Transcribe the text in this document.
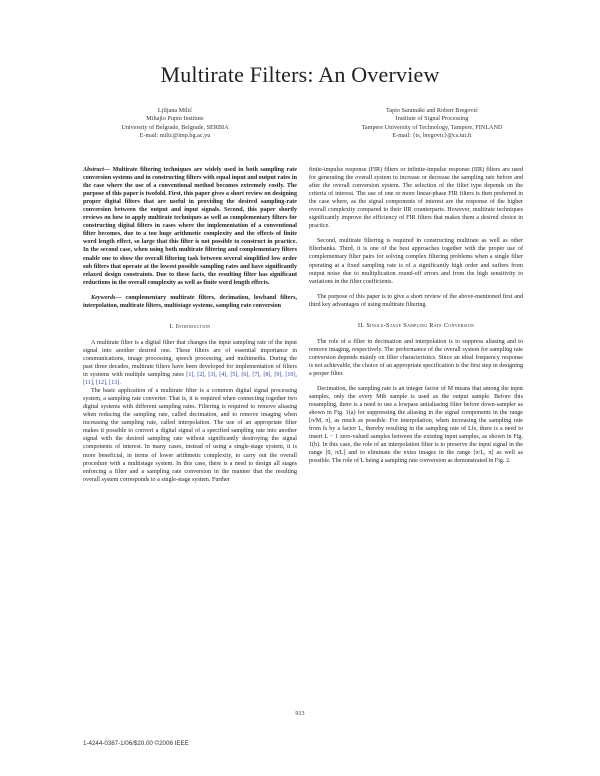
Multirate Filters: An Overview
Ljiljana Milić
Mihajlo Pupin Institute
University of Belgrade, Belgrade, SERBIA
E-mail: milic@imp.bg.ac.yu
Tapio Saramäki and Robert Bregović
Institute of Signal Processing
Tampere University of Technology, Tampere, FINLAND
E-mail: {ts, bregovic}@cs.tut.fi

Abstract— Multirate filtering techniques are widely used in both sampling rate conversion systems and in constructing filters with equal input and output rates in the case where the use of a conventional method becomes extremely costly. The purpose of this paper is twofold. First, this paper gives a short review on designing proper digital filters that are useful in providing the desired sampling-rate conversion between the output and input signals. Second, this paper shortly reviews on how to apply multirate techniques as well as complementary filters for constructing digital filters in cases where the implementation of a conventional filter becomes, due to a too huge arithmetic complexity and the effects of finite word length effect, so large that this filter is not possible to construct in practice. In the second case, when using both multirate filtering and complementary filters enable one to show the overall filtering task between several simplified low order sub filters that operate at the lowest possible sampling rates and have significantly relaxed design constraints. Due to these facts, the resulting filter has significant reductions in the overall complexity as well as finite word length effects.

Keywords— complementary multirate filters, decimation, lowband filters, interpolation, multirate filters, multistage systems, sampling rate conversion

I. Introduction

A multirate filter is a digital filter that changes the input sampling rate of the input signal into another desired one. These filters are of essential importance in communications, image processing, speech processing, and multimedia. During the past three decades, multirate filters have been developed for implementation of filters in systems with multiple sampling rates [1], [2], [3], [4], [5], [6], [7], [8], [9], [10], [11], [12], [13].

The basic application of a multirate filter is a common digital signal processing system, a sampling rate converter. That is, it is required when connecting together two digital systems with different sampling rates. Filtering is required to remove aliasing when reducing the sampling rate, called decimation, and to remove imaging when increasing the sampling rate, called interpolation. The use of an appropriate filter makes it possible to convert a digital signal of a specified sampling rate into another signal with the desired sampling rate without significantly destroying the signal components of interest. In many cases, instead of using a single-stage system, it is more beneficial, in terms of lower arithmetic complexity, to carry out the overall procedure with a multistage system. In this case, there is a need to design all stages enforcing a filter and a sampling rate conversion in the manner that the resulting overall system corresponds to a single-stage system. Further

finite-impulse response (FIR) filters or infinite-impulse response (IIR) filters are used for generating the overall system to increase or decrease the sampling rate before and after the overall conversion system. The selection of the filter type depends on the criteria of interest. The use of one or more linear-phase FIR filters is then preferred in the case where, as the signal components of interest are the response of the higher overall complexity compared to their IIR counterparts. However, multirate techniques significantly improve the efficiency of FIR filters that makes them a desired choice in practice.

Second, multirate filtering is required in constructing multirate as well as other filterbanks. Third, it is one of the best approaches together with the proper use of complementary filter pairs for solving complex filtering problems when a single filter operating at a fixed sampling rate is of a significantly high order and suffers from output noise due to multiplication round-off errors and from the high sensitivity to variations in the filter coefficients.

The purpose of this paper is to give a short review of the above-mentioned first and third key advantages of using multirate filtering.

II. Single-Stage Sampling Rate Conversion

The role of a filter in decimation and interpolation is to suppress aliasing and to remove imaging, respectively. The performance of the overall system for sampling rate conversion depends mainly on filter characteristics. Since an ideal frequency response is not achievable, the choice of an appropriate specification is the first step in designing a proper filter.

Decimation, the sampling rate is an integer factor of M means that among the input samples, only the every Mth sample is used as the output sample. Before this resampling, there is a need to use a lowpass antialiasing filter before down-sampler as shown in Fig. 1(a) for suppressing the aliasing in the signal components in the range [π/M, π], as much as possible. For interpolation, when increasing the sampling rate from fs by a factor L, thereby resulting in the sampling rate of Lfs, there is a need to insert L − 1 zero-valued samples between the existing input samples, as shown in Fig. 1(b). In this case, the role of an interpolation filter is to preserve the input signal in the range [0, π/L] and to eliminate the extra images in the range [π/L, π] as well as possible. The role of L being a sampling rate conversion as demonstrated in Fig. 2.

913
1-4244-0387-1/06/$20.00 ©2006 IEEE
